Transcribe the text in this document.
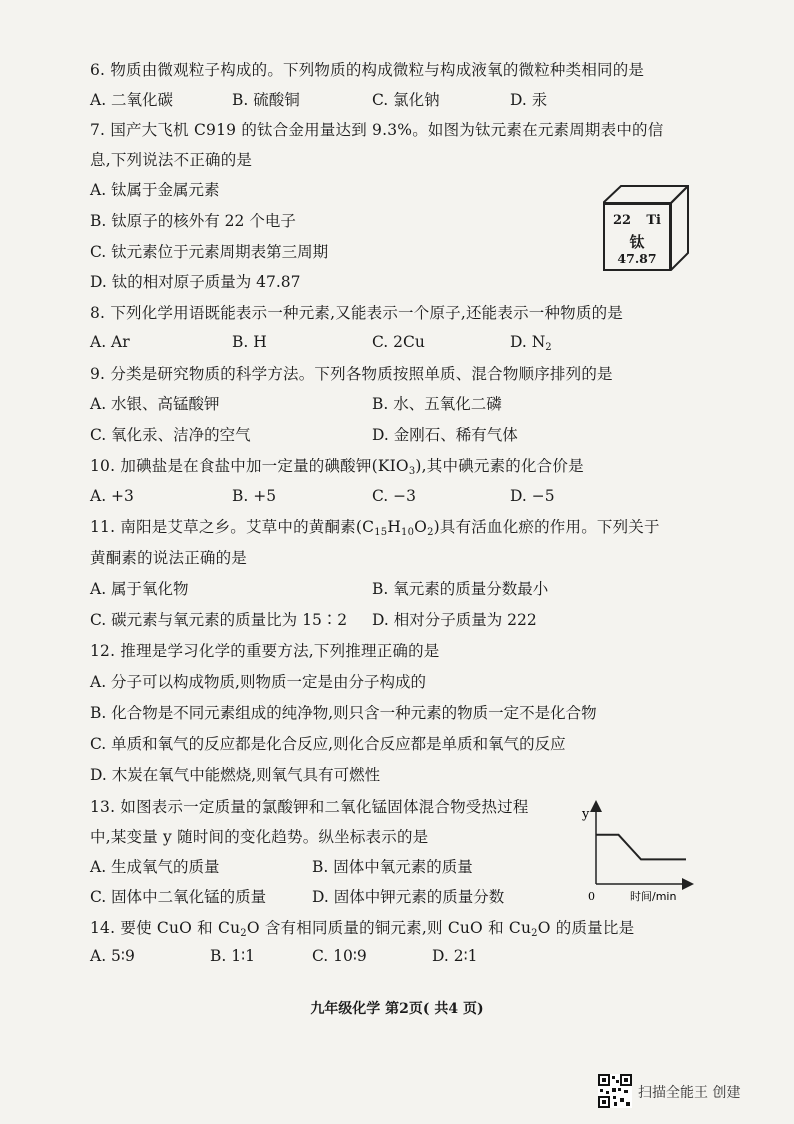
6. 物质由微观粒子构成的。下列物质的构成微粒与构成液氧的微粒种类相同的是
A. 二氧化碳	B. 硫酸铜	C. 氯化钠	D. 汞
7. 国产大飞机 C919 的钛合金用量达到 9.3%。如图为钛元素在元素周期表中的信
息,下列说法不正确的是
A. 钛属于金属元素
B. 钛原子的核外有 22 个电子
C. 钛元素位于元素周期表第三周期
D. 钛的相对原子质量为 47.87
22 Ti
钛
47.87
8. 下列化学用语既能表示一种元素,又能表示一个原子,还能表示一种物质的是
A. Ar	B. H	C. 2Cu	D. $N_2$
9. 分类是研究物质的科学方法。下列各物质按照单质、混合物顺序排列的是
A. 水银、高锰酸钾	B. 水、五氧化二磷
C. 氧化汞、洁净的空气	D. 金刚石、稀有气体
10. 加碘盐是在食盐中加一定量的碘酸钾$(KIO_3)$,其中碘元素的化合价是
A. +3	B. +5	C. −3	D. −5
11. 南阳是艾草之乡。艾草中的黄酮素$(C_{15}H_{10}O_2)$具有活血化瘀的作用。下列关于
黄酮素的说法正确的是
A. 属于氧化物	B. 氧元素的质量分数最小
C. 碳元素与氧元素的质量比为 15∶2 D. 相对分子质量为 222
12. 推理是学习化学的重要方法,下列推理正确的是
A. 分子可以构成物质,则物质一定是由分子构成的
B. 化合物是不同元素组成的纯净物,则只含一种元素的物质一定不是化合物
C. 单质和氧气的反应都是化合反应,则化合反应都是单质和氧气的反应
D. 木炭在氧气中能燃烧,则氧气具有可燃性
13. 如图表示一定质量的氯酸钾和二氧化锰固体混合物受热过程
中,某变量 y 随时间的变化趋势。纵坐标表示的是
A. 生成氧气的质量	B. 固体中氧元素的质量
C. 固体中二氧化锰的质量	D. 固体中钾元素的质量分数
y
0	时间/min
14. 要使 CuO 和 $Cu_2O$ 含有相同质量的铜元素,则 CuO 和 $Cu_2O$ 的质量比是
A. 5∶9	B. 1∶1	C. 10∶9	D. 2∶1
九年级化学 第2页( 共4 页)
扫描全能王 创建
